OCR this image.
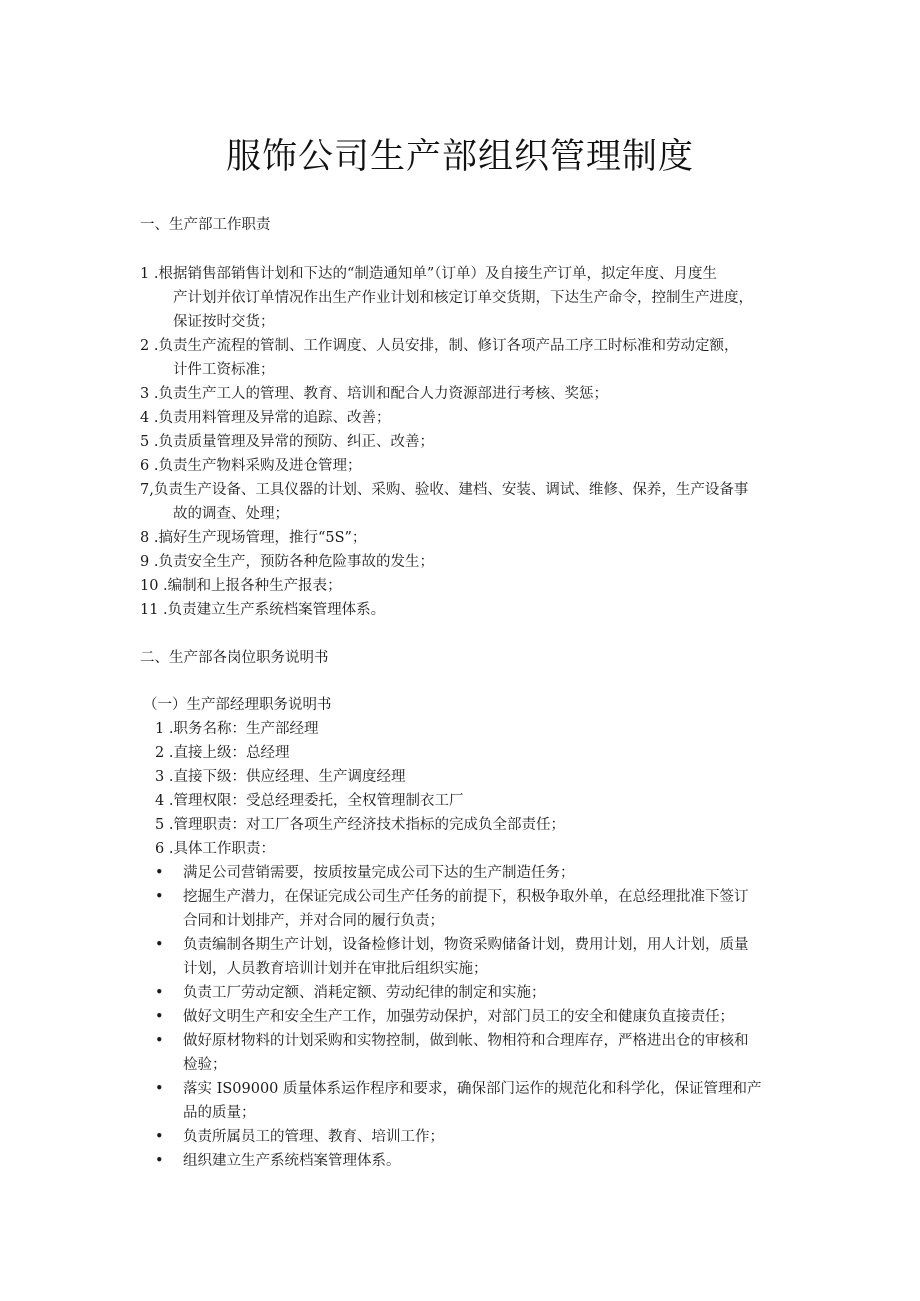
服饰公司生产部组织管理制度
一、生产部工作职责
1 .根据销售部销售计划和下达的“制造通知单”（订单）及自接生产订单，拟定年度、月度生
产计划并依订单情况作出生产作业计划和核定订单交货期，下达生产命令，控制生产进度，
保证按时交货；
2 .负责生产流程的管制、工作调度、人员安排，制、修订各项产品工序工时标准和劳动定额，
计件工资标准；
3 .负责生产工人的管理、教育、培训和配合人力资源部进行考核、奖惩；
4 .负责用料管理及异常的追踪、改善；
5 .负责质量管理及异常的预防、纠正、改善；
6 .负责生产物料采购及进仓管理；
7,负责生产设备、工具仪器的计划、采购、验收、建档、安装、调试、维修、保养，生产设备事
故的调查、处理；
8 .搞好生产现场管理，推行“5S”；
9 .负责安全生产，预防各种危险事故的发生；
10 .编制和上报各种生产报表；
11 .负责建立生产系统档案管理体系。
二、生产部各岗位职务说明书
（一）生产部经理职务说明书
1 .职务名称：生产部经理
2 .直接上级：总经理
3 .直接下级：供应经理、生产调度经理
4 .管理权限：受总经理委托，全权管理制衣工厂
5 .管理职责：对工厂各项生产经济技术指标的完成负全部责任；
6 .具体工作职责：
•	满足公司营销需要，按质按量完成公司下达的生产制造任务；
•	挖掘生产潜力，在保证完成公司生产任务的前提下，积极争取外单，在总经理批准下签订
合同和计划排产，并对合同的履行负责；
•	负责编制各期生产计划，设备检修计划，物资采购储备计划，费用计划，用人计划，质量
计划，人员教育培训计划并在审批后组织实施；
•	负责工厂劳动定额、消耗定额、劳动纪律的制定和实施；
•	做好文明生产和安全生产工作，加强劳动保护，对部门员工的安全和健康负直接责任；
•	做好原材物料的计划采购和实物控制，做到帐、物相符和合理库存，严格进出仓的审核和
检验；
•	落实 IS09000 质量体系运作程序和要求，确保部门运作的规范化和科学化，保证管理和产
品的质量；
•	负责所属员工的管理、教育、培训工作；
•	组织建立生产系统档案管理体系。
